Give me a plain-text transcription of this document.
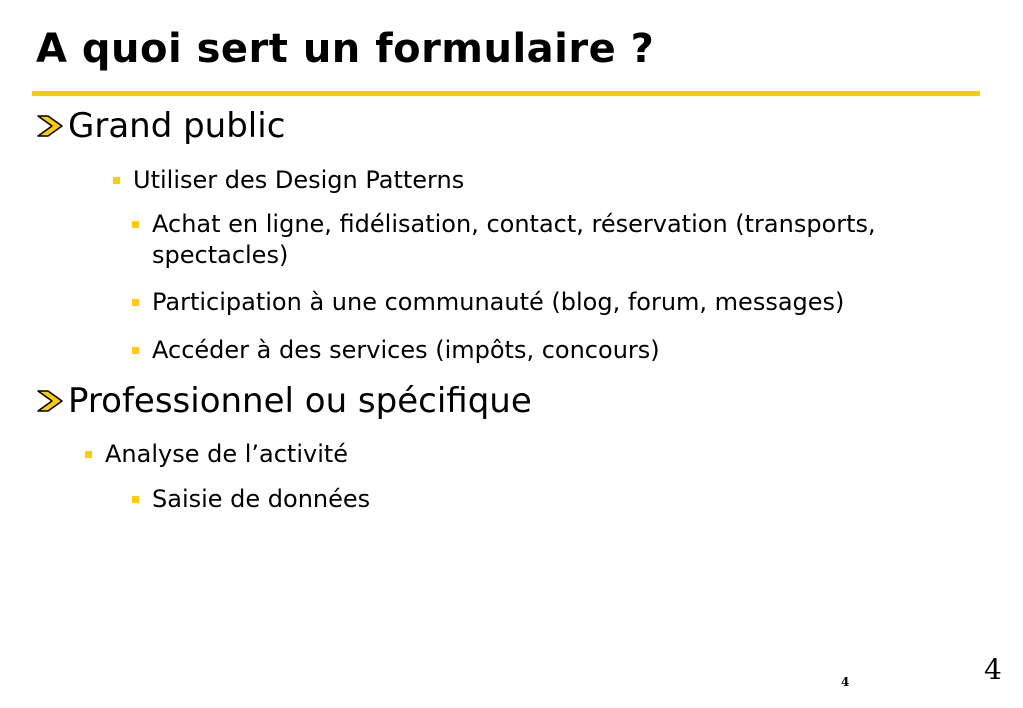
A quoi sert un formulaire ?
Grand public
Utiliser des Design Patterns
Achat en ligne, fidélisation, contact, réservation (transports, spectacles)
Participation à une communauté (blog, forum, messages)
Accéder à des services (impôts, concours)
Professionnel ou spécifique
Analyse de l’activité
Saisie de données
4	4
